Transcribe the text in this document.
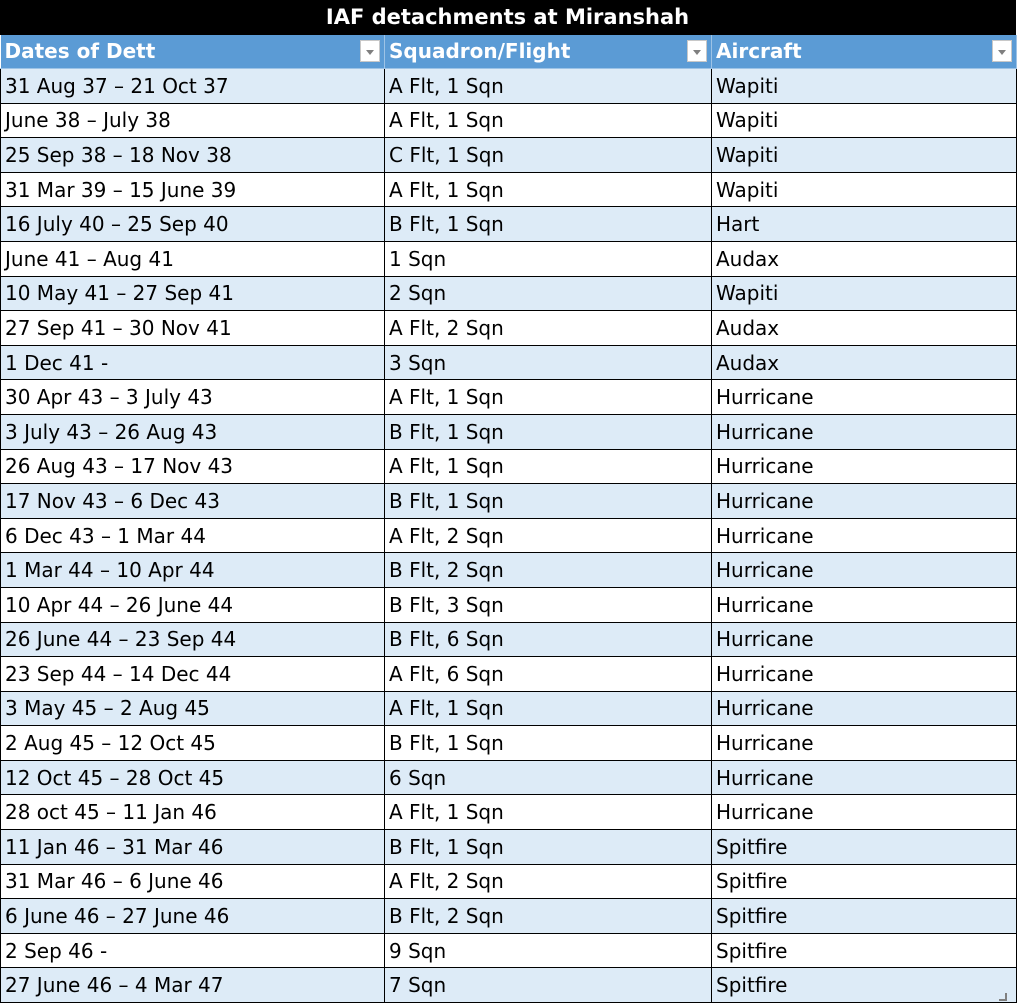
IAF detachments at Miranshah
Dates of Dett	Squadron/Flight	Aircraft

31 Aug 37 – 21 Oct 37	A Flt, 1 Sqn	Wapiti
June 38 – July 38	A Flt, 1 Sqn	Wapiti
25 Sep 38 – 18 Nov 38	C Flt, 1 Sqn	Wapiti
31 Mar 39 – 15 June 39	A Flt, 1 Sqn	Wapiti
16 July 40 – 25 Sep 40	B Flt, 1 Sqn	Hart
June 41 – Aug 41	1 Sqn	Audax
10 May 41 – 27 Sep 41	2 Sqn	Wapiti
27 Sep 41 – 30 Nov 41	A Flt, 2 Sqn	Audax
1 Dec 41 -	3 Sqn	Audax
30 Apr 43 – 3 July 43	A Flt, 1 Sqn	Hurricane
3 July 43 – 26 Aug 43	B Flt, 1 Sqn	Hurricane
26 Aug 43 – 17 Nov 43	A Flt, 1 Sqn	Hurricane
17 Nov 43 – 6 Dec 43	B Flt, 1 Sqn	Hurricane
6 Dec 43 – 1 Mar 44	A Flt, 2 Sqn	Hurricane
1 Mar 44 – 10 Apr 44	B Flt, 2 Sqn	Hurricane
10 Apr 44 – 26 June 44	B Flt, 3 Sqn	Hurricane
26 June 44 – 23 Sep 44	B Flt, 6 Sqn	Hurricane
23 Sep 44 – 14 Dec 44	A Flt, 6 Sqn	Hurricane
3 May 45 – 2 Aug 45	A Flt, 1 Sqn	Hurricane
2 Aug 45 – 12 Oct 45	B Flt, 1 Sqn	Hurricane
12 Oct 45 – 28 Oct 45	6 Sqn	Hurricane
28 oct 45 – 11 Jan 46	A Flt, 1 Sqn	Hurricane
11 Jan 46 – 31 Mar 46	B Flt, 1 Sqn	Spitfire
31 Mar 46 – 6 June 46	A Flt, 2 Sqn	Spitfire
6 June 46 – 27 June 46	B Flt, 2 Sqn	Spitfire
2 Sep 46 -	9 Sqn	Spitfire
27 June 46 – 4 Mar 47	7 Sqn	Spitfire
